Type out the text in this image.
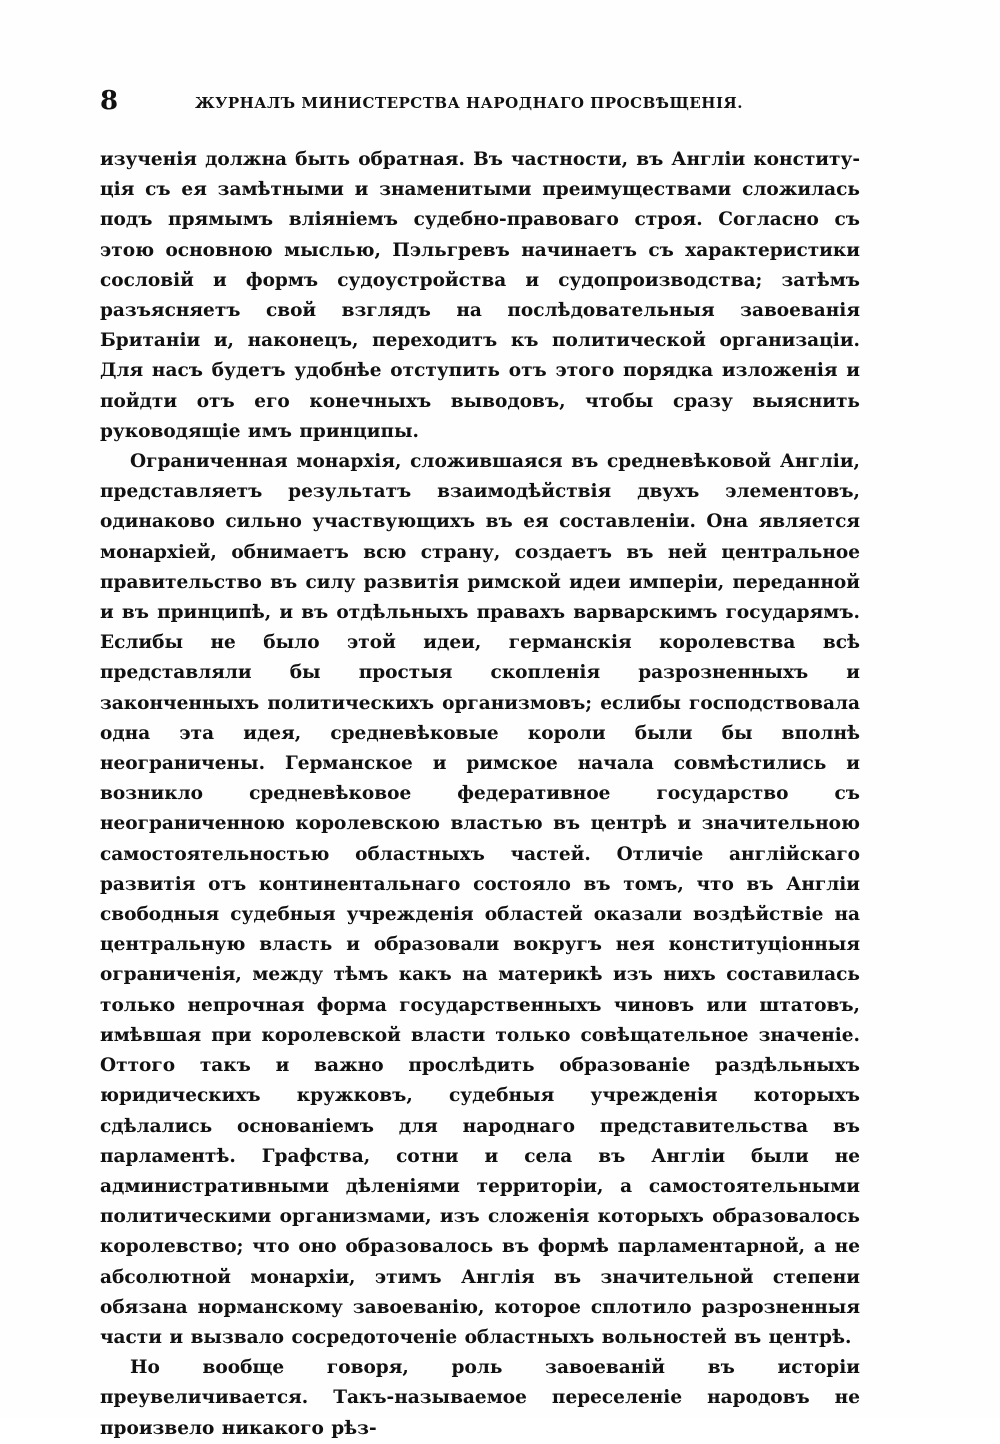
8	ЖУРНАЛЪ МИНИСТЕРСТВА НАРОДНАГО ПРОСВѢЩЕНІЯ.

изученія должна быть обратная. Въ частности, въ Англіи конститу-ція съ ея замѣтными и знаменитыми преимуществами сложилась подъ прямымъ вліяніемъ судебно-правоваго строя. Согласно съ этою основною мыслью, Пэльгревъ начинаетъ съ характеристики сословій и формъ судоустройства и судопроизводства; затѣмъ разъясняетъ свой взглядъ на послѣдовательныя завоеванія Британіи и, наконецъ, переходитъ къ политической организаціи. Для насъ будетъ удобнѣе отступить отъ этого порядка изложенія и пойдти отъ его конечныхъ выводовъ, чтобы сразу выяснить руководящіе имъ принципы.

Ограниченная монархія, сложившаяся въ средневѣковой Англіи, представляетъ результатъ взаимодѣйствія двухъ элементовъ, одинаково сильно участвующихъ въ ея составленіи. Она является монархіей, обнимаетъ всю страну, создаетъ въ ней центральное правительство въ силу развитія римской идеи имперіи, переданной и въ принципѣ, и въ отдѣльныхъ правахъ варварскимъ государямъ. Еслибы не было этой идеи, германскія королевства всѣ представляли бы простыя скопленія разрозненныхъ и законченныхъ политическихъ организмовъ; еслибы господствовала одна эта идея, средневѣковые короли были бы вполнѣ неограничены. Германское и римское начала совмѣстились и возникло средневѣковое федеративное государство съ неограниченною королевскою властью въ центрѣ и значительною самостоятельностью областныхъ частей. Отличіе англійскаго развитія отъ континентальнаго состояло въ томъ, что въ Англіи свободныя судебныя учрежденія областей оказали воздѣйствіе на центральную власть и образовали вокругъ нея конституціонныя ограниченія, между тѣмъ какъ на материкѣ изъ нихъ составилась только непрочная форма государственныхъ чиновъ или штатовъ, имѣвшая при королевской власти только совѣщательное значеніе. Оттого такъ и важно прослѣдить образованіе раздѣльныхъ юридическихъ кружковъ, судебныя учрежденія которыхъ сдѣлались основаніемъ для народнаго представительства въ парламентѣ. Графства, сотни и села въ Англіи были не административными дѣленіями территоріи, а самостоятельными политическими организмами, изъ сложенія которыхъ образовалось королевство; что оно образовалось въ формѣ парламентарной, а не абсолютной монархіи, этимъ Англія въ значительной степени обязана норманскому завоеванію, которое сплотило разрозненныя части и вызвало сосредоточеніе областныхъ вольностей въ центрѣ.

Но вообще говоря, роль завоеваній въ исторіи преувеличивается. Такъ-называемое переселеніе народовъ не произвело никакого рѣз-
